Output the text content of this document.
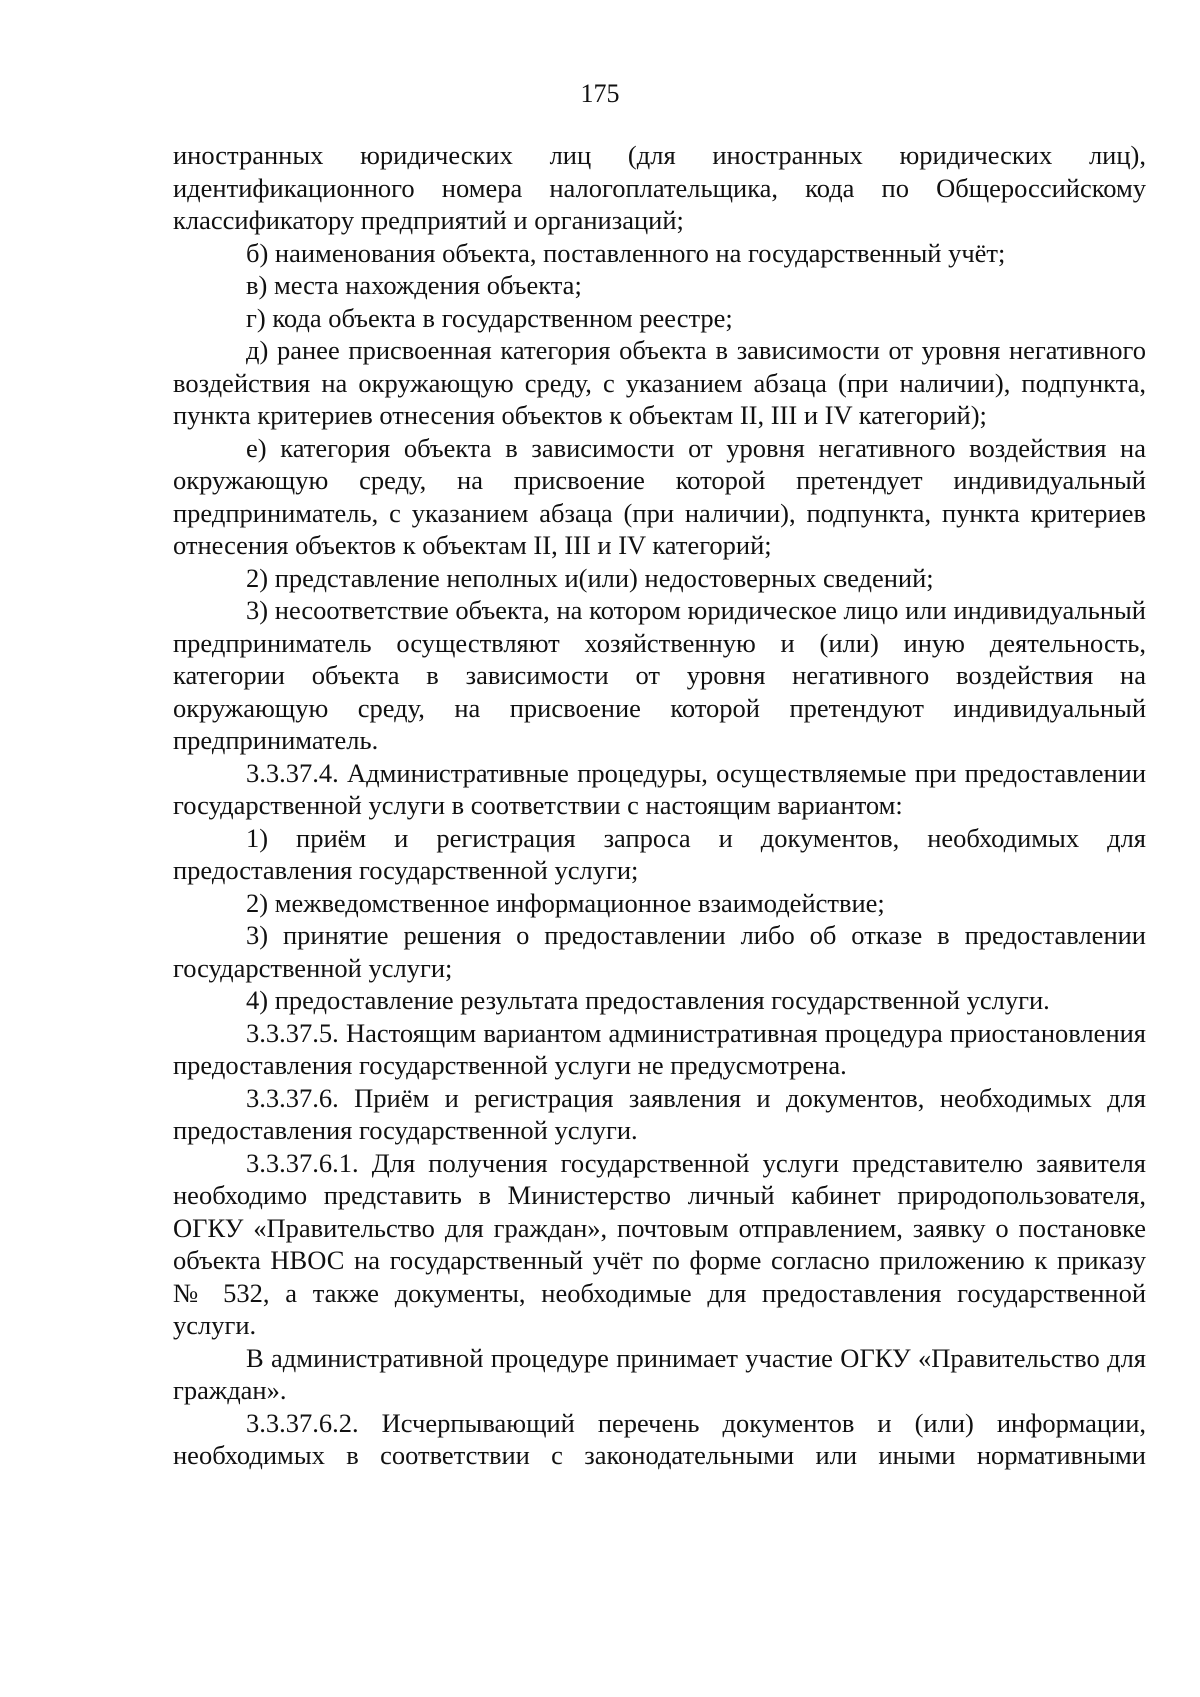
175

иностранных юридических лиц (для иностранных юридических лиц), идентификационного номера налогоплательщика, кода по Общероссийскому классификатору предприятий и организаций;

б) наименования объекта, поставленного на государственный учёт;

в) места нахождения объекта;

г) кода объекта в государственном реестре;

д) ранее присвоенная категория объекта в зависимости от уровня негативного воздействия на окружающую среду, с указанием абзаца (при наличии), подпункта, пункта критериев отнесения объектов к объектам II, III и IV категорий);

е) категория объекта в зависимости от уровня негативного воздействия на окружающую среду, на присвоение которой претендует индивидуальный предприниматель, с указанием абзаца (при наличии), подпункта, пункта критериев отнесения объектов к объектам II, III и IV категорий;

2) представление неполных и(или) недостоверных сведений;

3) несоответствие объекта, на котором юридическое лицо или индивидуальный предприниматель осуществляют хозяйственную и (или) иную деятельность, категории объекта в зависимости от уровня негативного воздействия на окружающую среду, на присвоение которой претендуют индивидуальный предприниматель.

3.3.37.4. Административные процедуры, осуществляемые при предоставлении государственной услуги в соответствии с настоящим вариантом:

1) приём и регистрация запроса и документов, необходимых для предоставления государственной услуги;

2) межведомственное информационное взаимодействие;

3) принятие решения о предоставлении либо об отказе в предоставлении государственной услуги;

4) предоставление результата предоставления государственной услуги.

3.3.37.5. Настоящим вариантом административная процедура приостановления предоставления государственной услуги не предусмотрена.

3.3.37.6. Приём и регистрация заявления и документов, необходимых для предоставления государственной услуги.

3.3.37.6.1. Для получения государственной услуги представителю заявителя необходимо представить в Министерство личный кабинет природопользователя, ОГКУ «Правительство для граждан», почтовым отправлением, заявку о постановке объекта НВОС на государственный учёт по форме согласно приложению к приказу № 532, а также документы, необходимые для предоставления государственной услуги.

В административной процедуре принимает участие ОГКУ «Правительство для граждан».

3.3.37.6.2. Исчерпывающий перечень документов и (или) информации, необходимых в соответствии с законодательными или иными нормативными
